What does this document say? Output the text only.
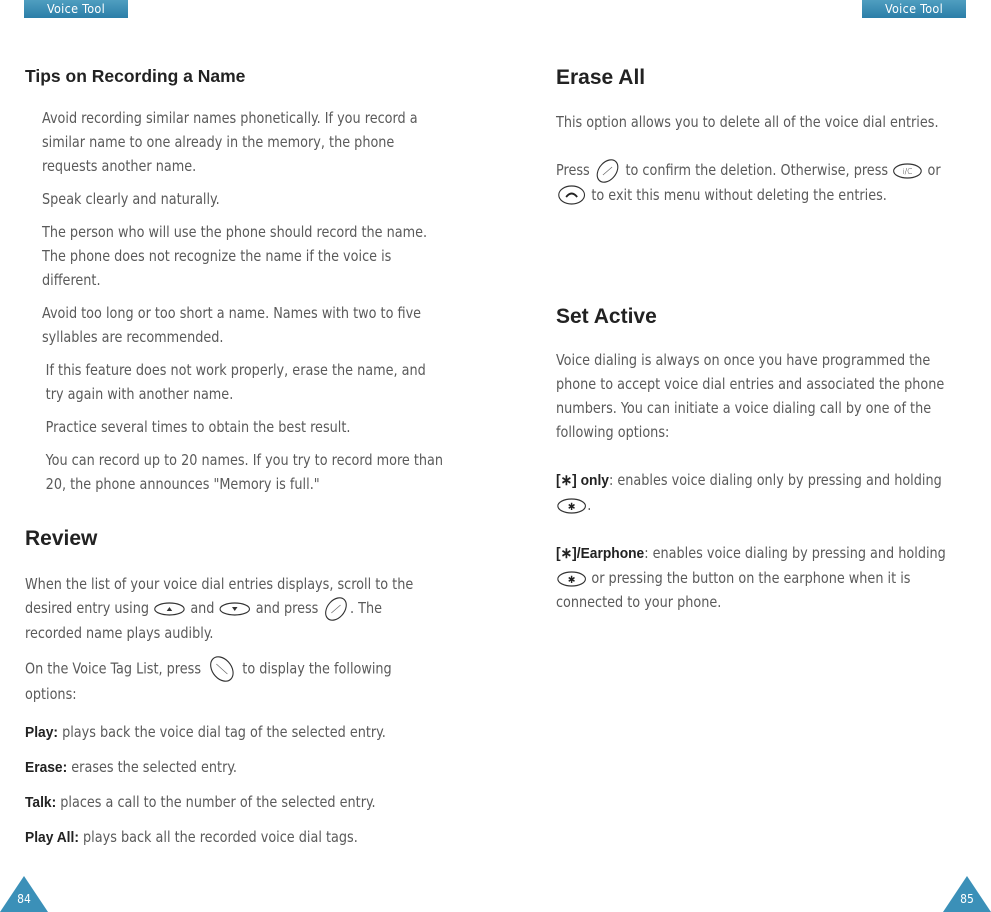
Voice Tool	Voice Tool
Tips on Recording a Name

Avoid recording similar names phonetically. If you record a similar name to one already in the memory, the phone requests another name.

Speak clearly and naturally.

The person who will use the phone should record the name. The phone does not recognize the name if the voice is different.

Avoid too long or too short a name. Names with two to five syllables are recommended.

If this feature does not work properly, erase the name, and try again with another name.

Practice several times to obtain the best result.

You can record up to 20 names. If you try to record more than 20, the phone announces "Memory is full."

Review

When the list of your voice dial entries displays, scroll to the desired entry using	and	and press . The recorded name plays audibly.

On the Voice Tag List, press	to display the following options:

Play: plays back the voice dial tag of the selected entry.

Erase: erases the selected entry.

Talk: places a call to the number of the selected entry.

Play All: plays back all the recorded voice dial tags.

Erase All

This option allows you to delete all of the voice dial entries.

Press to confirm the deletion. Otherwise, press i/C or  to exit this menu without deleting the entries.

Set Active

Voice dialing is always on once you have programmed the phone to accept voice dial entries and associated the phone numbers. You can initiate a voice dialing call by one of the following options:

[∗] only: enables voice dialing only by pressing and holding
✱ .

[∗]/Earphone: enables voice dialing by pressing and holding
✱ or pressing the button on the earphone when it is connected to your phone.

84	85
